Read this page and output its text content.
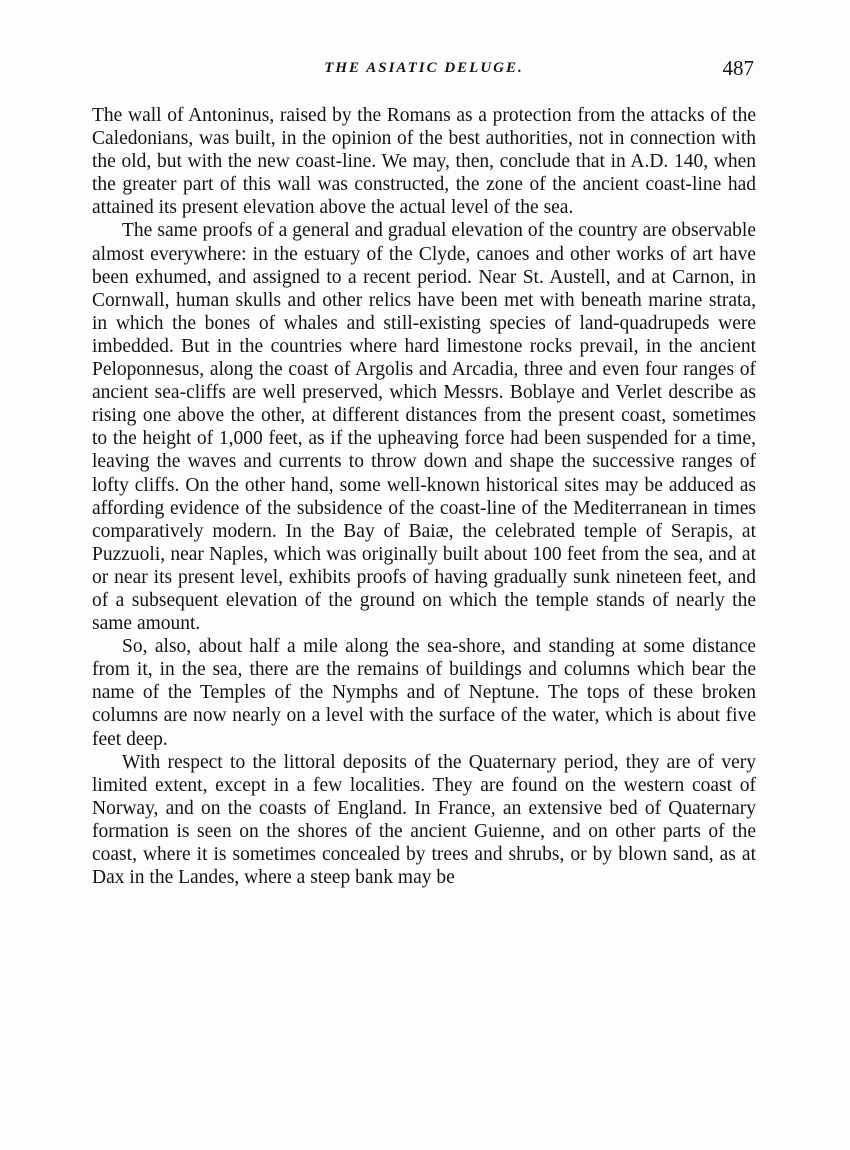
THE ASIATIC DELUGE.	487

The wall of Antoninus, raised by the Romans as a protection from the attacks of the Caledonians, was built, in the opinion of the best authorities, not in connection with the old, but with the new coast-line. We may, then, conclude that in A.D. 140, when the greater part of this wall was constructed, the zone of the ancient coast-line had attained its present elevation above the actual level of the sea.

The same proofs of a general and gradual elevation of the country are observable almost everywhere: in the estuary of the Clyde, canoes and other works of art have been exhumed, and assigned to a recent period. Near St. Austell, and at Carnon, in Cornwall, human skulls and other relics have been met with beneath marine strata, in which the bones of whales and still-existing species of land-quadrupeds were imbedded. But in the countries where hard limestone rocks prevail, in the ancient Peloponnesus, along the coast of Argolis and Arcadia, three and even four ranges of ancient sea-cliffs are well preserved, which Messrs. Boblaye and Verlet describe as rising one above the other, at different distances from the present coast, sometimes to the height of 1,000 feet, as if the upheaving force had been suspended for a time, leaving the waves and currents to throw down and shape the successive ranges of lofty cliffs. On the other hand, some well-known historical sites may be adduced as affording evidence of the subsidence of the coast-line of the Mediterranean in times comparatively modern. In the Bay of Baiæ, the celebrated temple of Serapis, at Puzzuoli, near Naples, which was originally built about 100 feet from the sea, and at or near its present level, exhibits proofs of having gradually sunk nineteen feet, and of a subsequent elevation of the ground on which the temple stands of nearly the same amount.

So, also, about half a mile along the sea-shore, and standing at some distance from it, in the sea, there are the remains of buildings and columns which bear the name of the Temples of the Nymphs and of Neptune. The tops of these broken columns are now nearly on a level with the surface of the water, which is about five feet deep.

With respect to the littoral deposits of the Quaternary period, they are of very limited extent, except in a few localities. They are found on the western coast of Norway, and on the coasts of England. In France, an extensive bed of Quaternary formation is seen on the shores of the ancient Guienne, and on other parts of the coast, where it is sometimes concealed by trees and shrubs, or by blown sand, as at Dax in the Landes, where a steep bank may be
